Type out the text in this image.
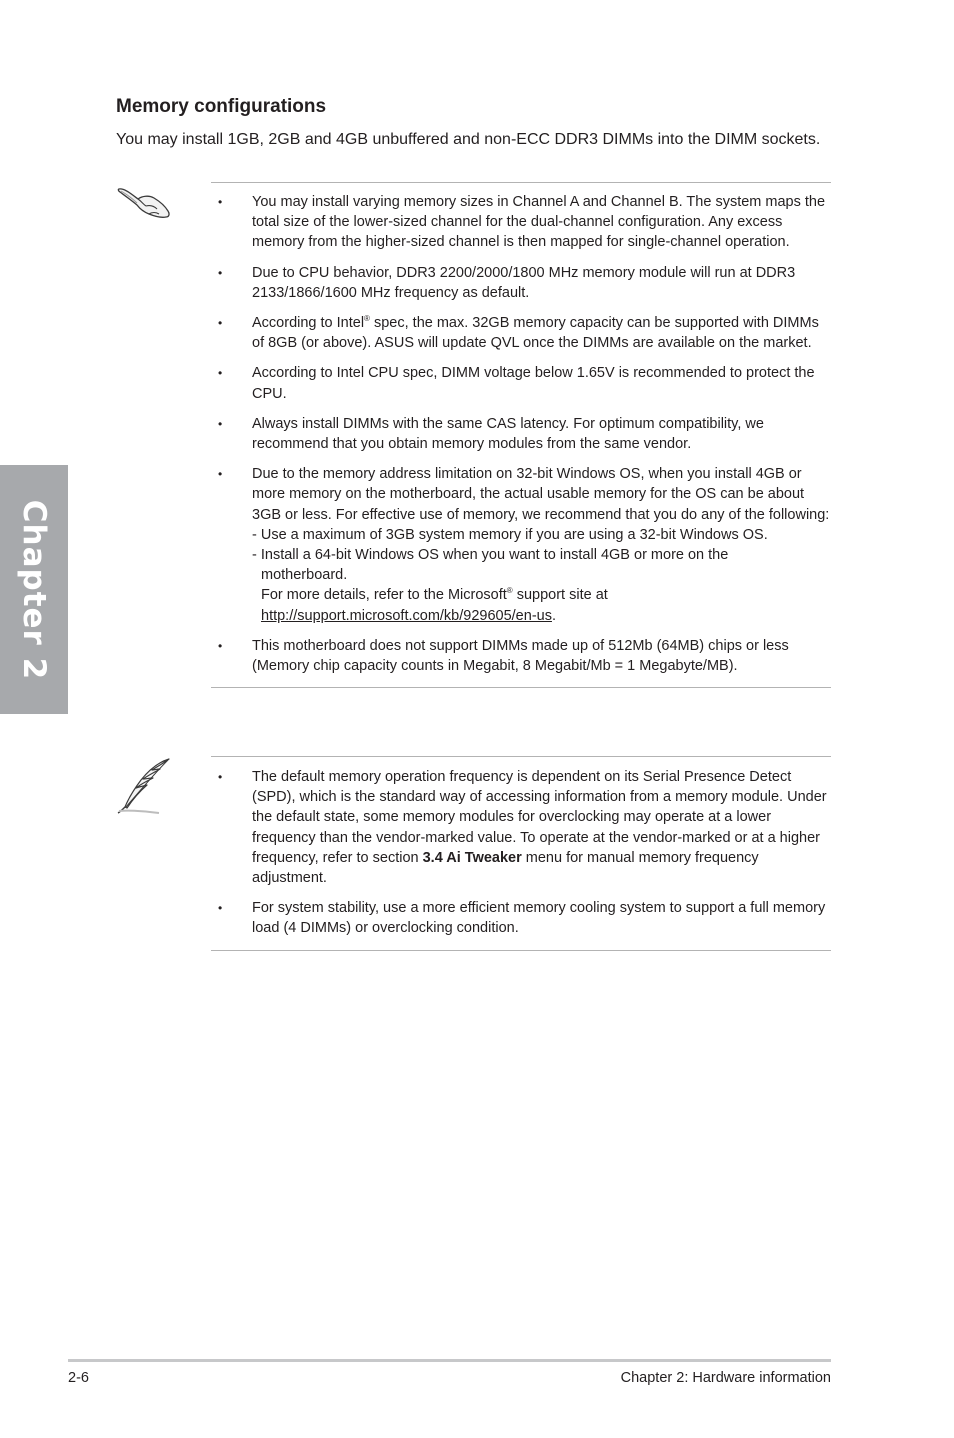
Chapter 2
Memory configurations

You may install 1GB, 2GB and 4GB unbuffered and non-ECC DDR3 DIMMs into the DIMM sockets.

• You may install varying memory sizes in Channel A and Channel B. The system maps the total size of the lower-sized channel for the dual-channel configuration. Any excess memory from the higher-sized channel is then mapped for single-channel operation.
• Due to CPU behavior, DDR3 2200/2000/1800 MHz memory module will run at DDR3 2133/1866/1600 MHz frequency as default.
• According to Intel® spec, the max. 32GB memory capacity can be supported with DIMMs of 8GB (or above). ASUS will update QVL once the DIMMs are available on the market.
• According to Intel CPU spec, DIMM voltage below 1.65V is recommended to protect the CPU.
• Always install DIMMs with the same CAS latency. For optimum compatibility, we recommend that you obtain memory modules from the same vendor.
• Due to the memory address limitation on 32-bit Windows OS, when you install 4GB or more memory on the motherboard, the actual usable memory for the OS can be about 3GB or less. For effective use of memory, we recommend that you do any of the following:
- Use a maximum of 3GB system memory if you are using a 32-bit Windows OS.
- Install a 64-bit Windows OS when you want to install 4GB or more on the
motherboard.
For more details, refer to the Microsoft® support site at
http://support.microsoft.com/kb/929605/en-us.
• This motherboard does not support DIMMs made up of 512Mb (64MB) chips or less (Memory chip capacity counts in Megabit, 8 Megabit/Mb = 1 Megabyte/MB).
• The default memory operation frequency is dependent on its Serial Presence Detect (SPD), which is the standard way of accessing information from a memory module. Under the default state, some memory modules for overclocking may operate at a lower frequency than the vendor-marked value. To operate at the vendor-marked or at a higher frequency, refer to section 3.4 Ai Tweaker menu for manual memory frequency adjustment.
• For system stability, use a more efficient memory cooling system to support a full memory load (4 DIMMs) or overclocking condition.
2-6	Chapter 2: Hardware information
